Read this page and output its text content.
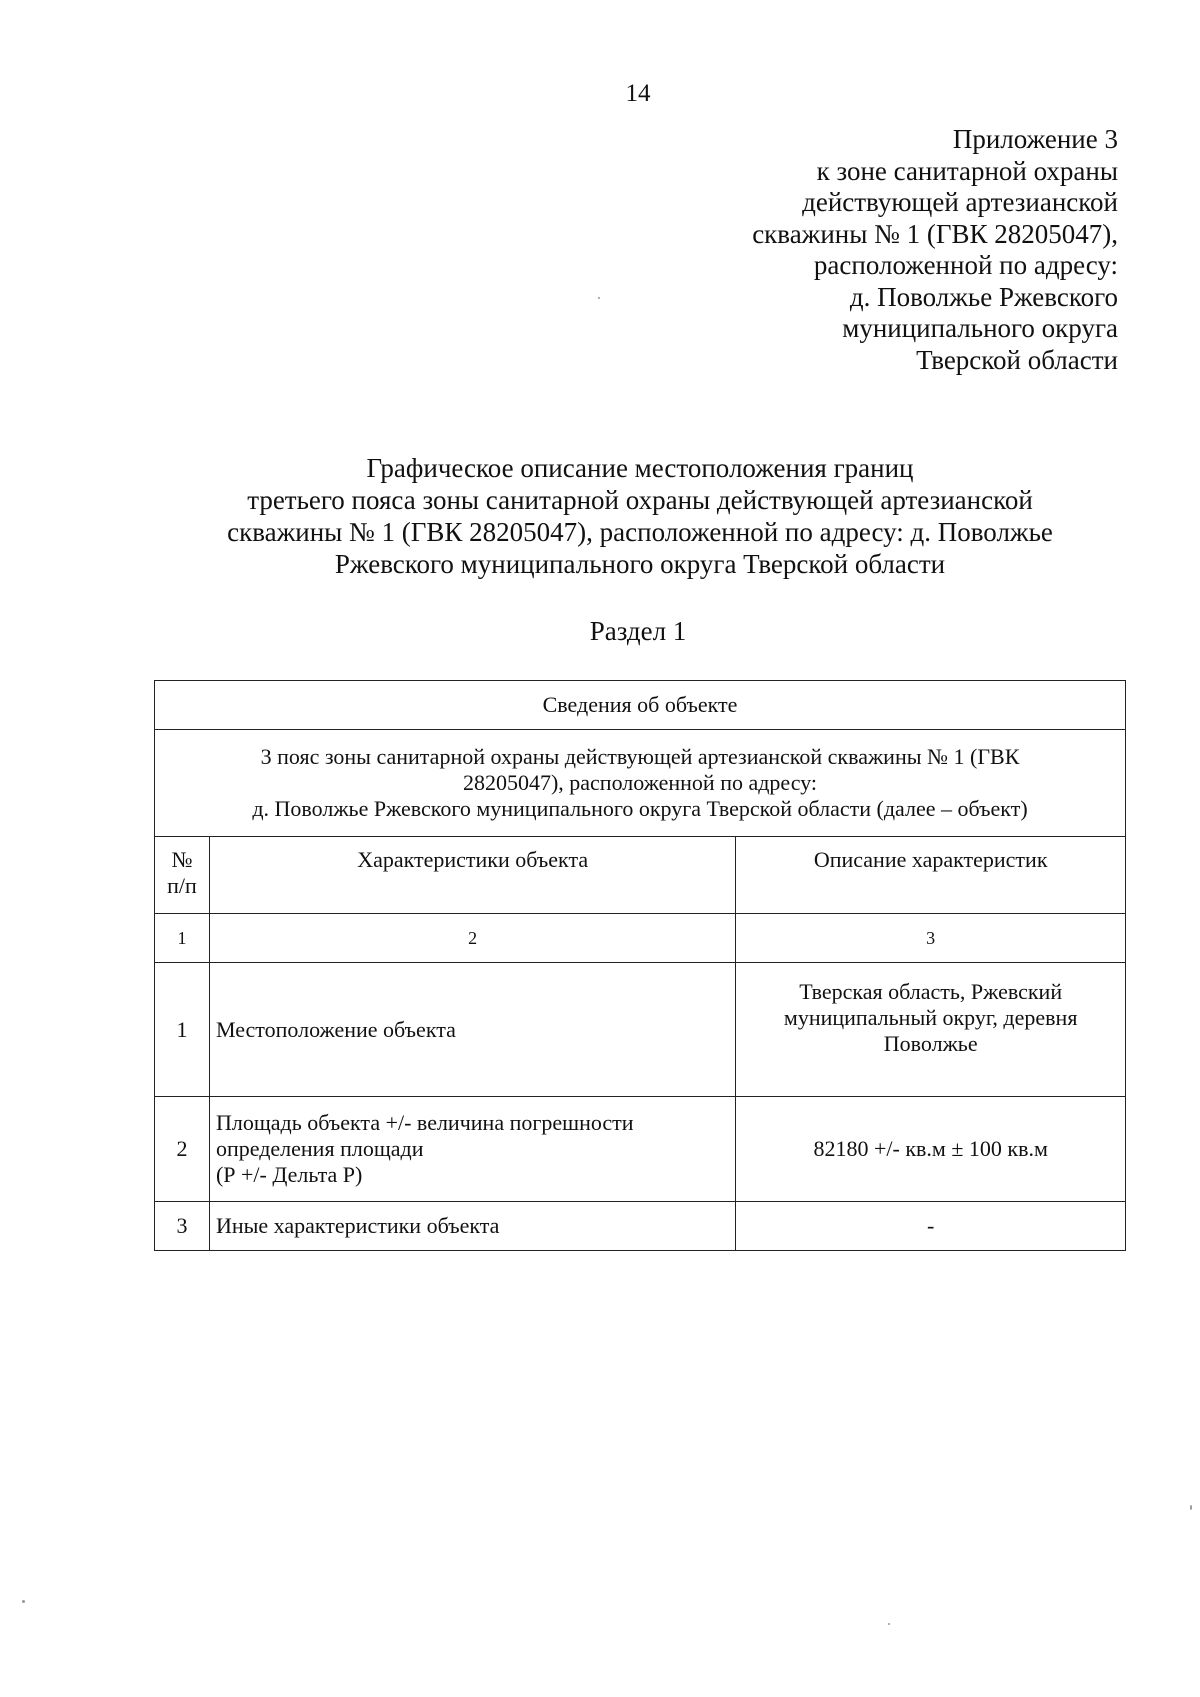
14
Приложение 3
к зоне санитарной охраны
действующей артезианской
скважины № 1 (ГВК 28205047),
расположенной по адресу:
д. Поволжье Ржевского
муниципального округа
Тверской области
Графическое описание местоположения границ
третьего пояса зоны санитарной охраны действующей артезианской
скважины № 1 (ГВК 28205047), расположенной по адресу: д. Поволжье
Ржевского муниципального округа Тверской области
Раздел 1
Сведения об объекте		

3 пояс зоны санитарной охраны действующей артезианской скважины № 1 (ГВК
28205047), расположенной по адресу:
д. Поволжье Ржевского муниципального округа Тверской области (далее – объект)		

№
п/п	Характеристики объекта	Описание характеристик
1	2	3
1	Местоположение объекта	Тверская область, Ржевский
муниципальный округ, деревня
Поволжье

2	Площадь объекта +/- величина погрешности
определения площади
(Р +/- Дельта Р)	82180 +/- кв.м ± 100 кв.м

3	Иные характеристики объекта	-
